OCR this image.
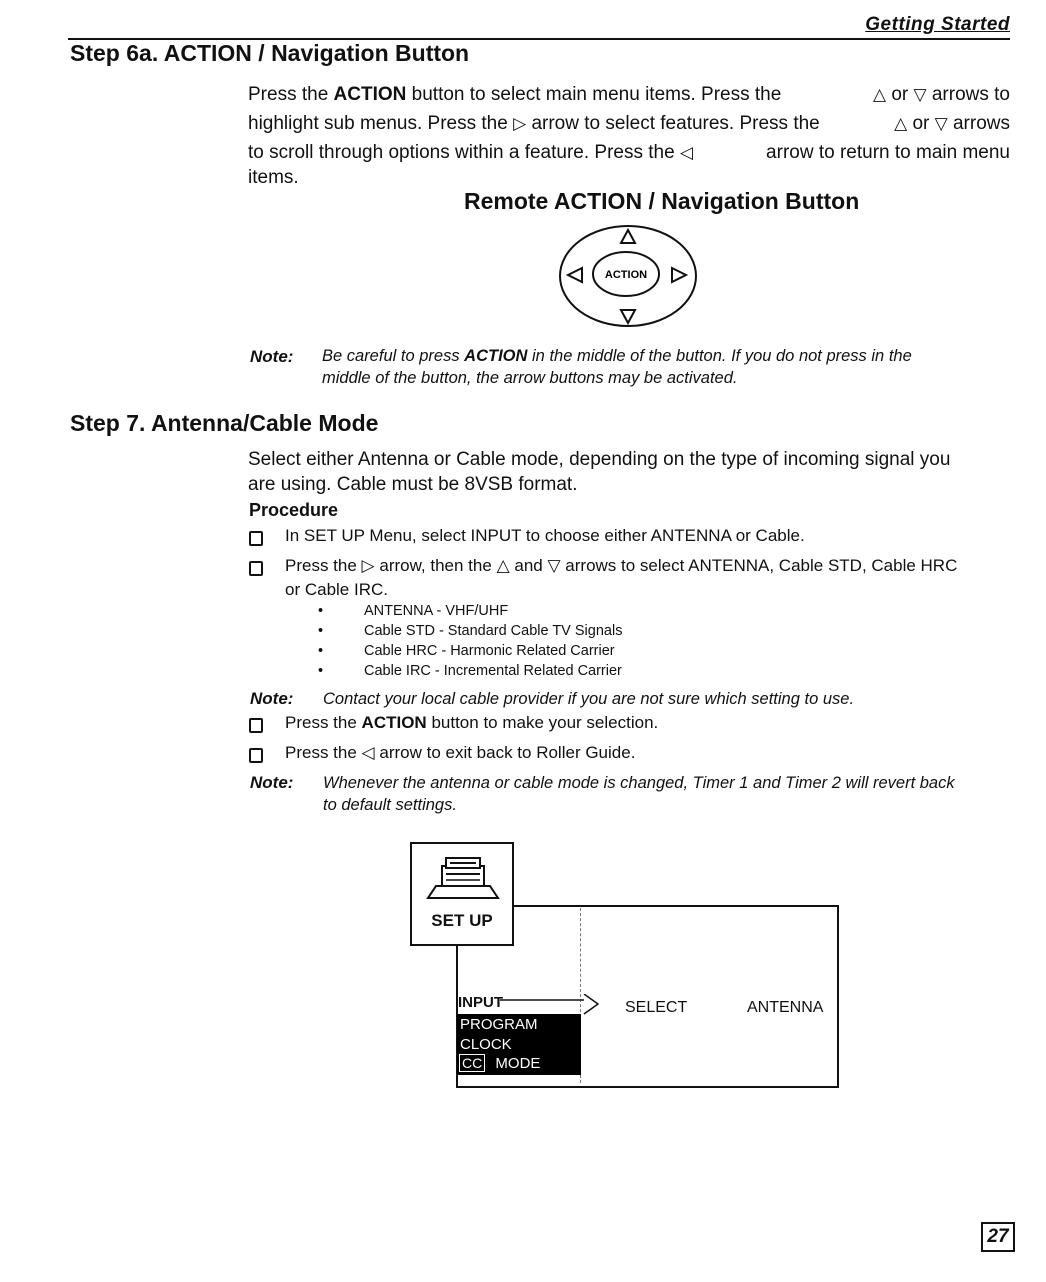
Getting Started
Step 6a. ACTION / Navigation Button
Press the ACTION button to select main menu items. Press the	△ or ▽ arrows to
highlight sub menus. Press the ▷ arrow to select features. Press the	△ or ▽ arrows
to scroll through options within a feature. Press the ◁	arrow to return to main menu
items.
Remote ACTION / Navigation Button
ACTION
Note: Be careful to press ACTION in the middle of the button. If you do not press in the
middle of the button, the arrow buttons may be activated.
Step 7. Antenna/Cable Mode
Select either Antenna or Cable mode, depending on the type of incoming signal you
are using. Cable must be 8VSB format.
Procedure
In SET UP Menu, select INPUT to choose either ANTENNA or Cable.
Press the ▷ arrow, then the △ and ▽ arrows to select ANTENNA, Cable STD, Cable HRC
or Cable IRC.
•	ANTENNA - VHF/UHF
•	Cable STD - Standard Cable TV Signals
•	Cable HRC - Harmonic Related Carrier
•	Cable IRC - Incremental Related Carrier
Note: Contact your local cable provider if you are not sure which setting to use.
Press the ACTION button to make your selection.
Press the ◁ arrow to exit back to Roller Guide.
Note: Whenever the antenna or cable mode is changed, Timer 1 and Timer 2 will revert back
to default settings.
SET UP
INPUT
PROGRAM
CLOCK
CC MODE
SELECT	ANTENNA
27
